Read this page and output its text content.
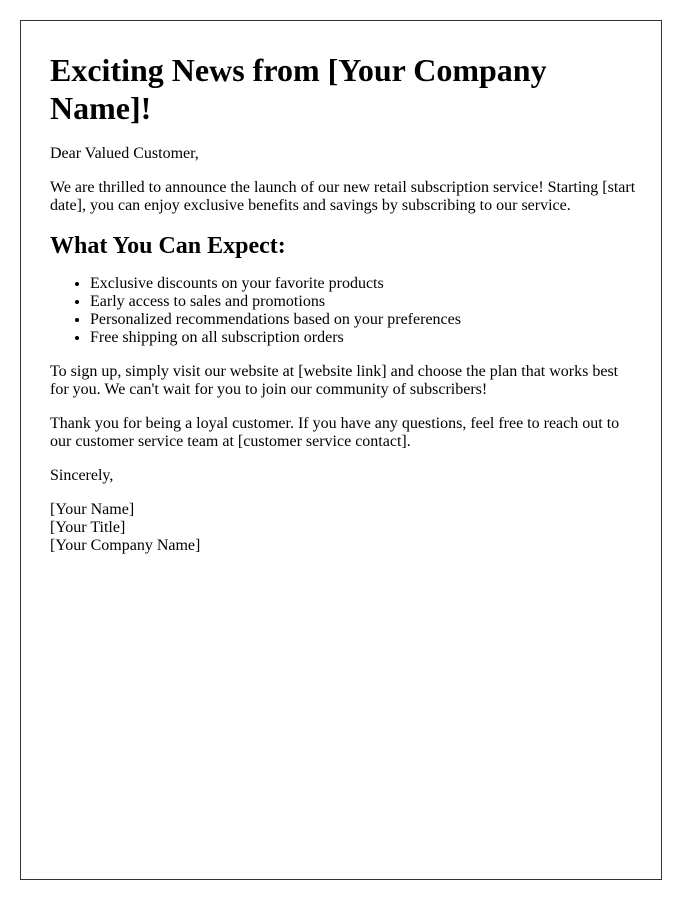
Exciting News from [Your Company Name]!

Dear Valued Customer,

We are thrilled to announce the launch of our new retail subscription service! Starting [start date], you can enjoy exclusive benefits and savings by subscribing to our service.

What You Can Expect:
• Exclusive discounts on your favorite products
• Early access to sales and promotions
• Personalized recommendations based on your preferences
• Free shipping on all subscription orders

To sign up, simply visit our website at [website link] and choose the plan that works best for you. We can't wait for you to join our community of subscribers!

Thank you for being a loyal customer. If you have any questions, feel free to reach out to our customer service team at [customer service contact].

Sincerely,

[Your Name]
[Your Title]
[Your Company Name]
